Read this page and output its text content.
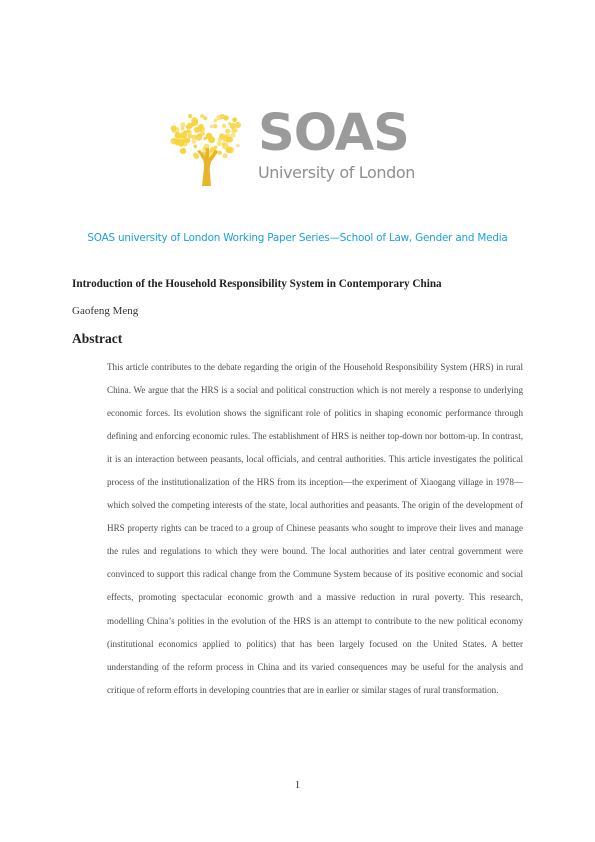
SOAS
University of London
SOAS university of London Working Paper Series—School of Law, Gender and Media
Introduction of the Household Responsibility System in Contemporary China
Gaofeng Meng
Abstract

This article contributes to the debate regarding the origin of the Household Responsibility System (HRS) in rural China. We argue that the HRS is a social and political construction which is not merely a response to underlying economic forces. Its evolution shows the significant role of politics in shaping economic performance through defining and enforcing economic rules. The establishment of HRS is neither top-down nor bottom-up. In contrast, it is an interaction between peasants, local officials, and central authorities. This article investigates the political process of the institutionalization of the HRS from its inception—the experiment of Xiaogang village in 1978—which solved the competing interests of the state, local authorities and peasants. The origin of the development of HRS property rights can be traced to a group of Chinese peasants who sought to improve their lives and manage the rules and regulations to which they were bound. The local authorities and later central government were convinced to support this radical change from the Commune System because of its positive economic and social effects, promoting spectacular economic growth and a massive reduction in rural poverty. This research, modelling China’s polities in the evolution of the HRS is an attempt to contribute to the new political economy (institutional economics applied to politics) that has been largely focused on the United States. A better understanding of the reform process in China and its varied consequences may be useful for the analysis and critique of reform efforts in developing countries that are in earlier or similar stages of rural transformation.

1
